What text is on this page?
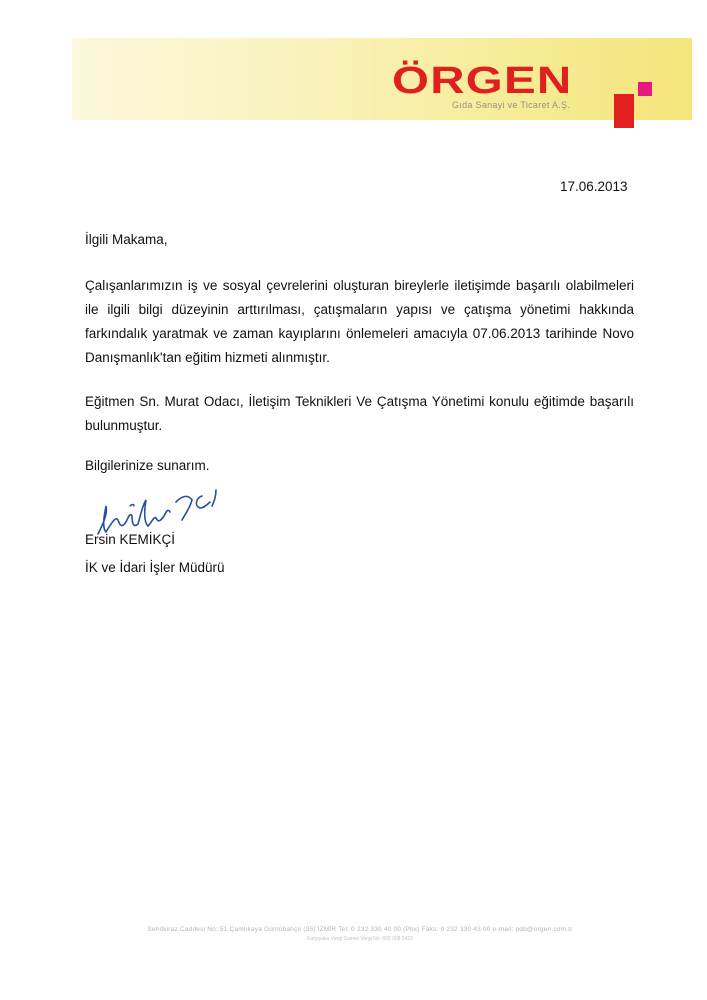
ÖRGEN
Gıda Sanayi ve Ticaret A.Ş.
17.06.2013
İlgili Makama,
Çalışanlarımızın iş ve sosyal çevrelerini oluşturan bireylerle iletişimde başarılı olabilmeleri ile ilgili bilgi düzeyinin arttırılması, çatışmaların yapısı ve çatışma yönetimi hakkında farkındalık yaratmak ve zaman kayıplarını önlemeleri amacıyla 07.06.2013 tarihinde Novo Danışmanlık'tan eğitim hizmeti alınmıştır.
Eğitmen Sn. Murat Odacı, İletişim Teknikleri Ve Çatışma Yönetimi konulu eğitimde başarılı bulunmuştur.
Bilgilerinize sunarım.
Ersin KEMİKÇİ
İK ve İdari İşler Müdürü
Sehitkiraz Caddesi No: 51 Çamlıkaya Gümübahçe (35) İZMİR Tel: 0 232 330 40 00 (Pbx) Faks: 0 232 330 43 00 e-mail: pdb@orgen.com.tr
Karşıyaka Vergi Dairesi Vergi No: 665 008 5433
